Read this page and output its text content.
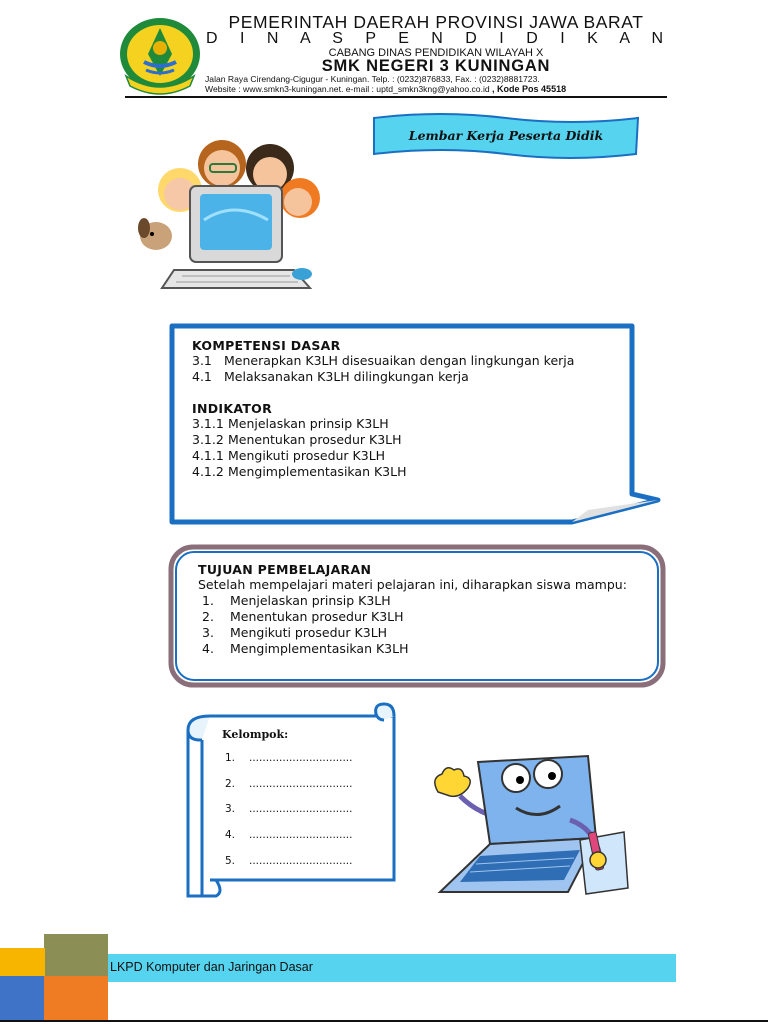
PEMERINTAH DAERAH PROVINSI JAWA BARAT
D I N A S P E N D I D I K A N
CABANG DINAS PENDIDIKAN WILAYAH X
SMK NEGERI 3 KUNINGAN
Jalan Raya Cirendang-Cigugur - Kuningan. Telp. : (0232)876833, Fax. : (0232)8881723.
Website : www.smkn3-kuningan.net. e-mail : uptd_smkn3kng@yahoo.co.id , Kode Pos 45518
Lembar Kerja Peserta Didik
KOMPETENSI DASAR
3.1 Menerapkan K3LH disesuaikan dengan lingkungan kerja
4.1 Melaksanakan K3LH dilingkungan kerja
INDIKATOR
3.1.1 Menjelaskan prinsip K3LH
3.1.2 Menentukan prosedur K3LH
4.1.1 Mengikuti prosedur K3LH
4.1.2 Mengimplementasikan K3LH
TUJUAN PEMBELAJARAN
Setelah mempelajari materi pelajaran ini, diharapkan siswa mampu:
1.	Menjelaskan prinsip K3LH
2.	Menentukan prosedur K3LH
3.	Mengikuti prosedur K3LH
4.	Mengimplementasikan K3LH
Kelompok:
1.	...............................
2.	...............................
3.	...............................
4.	...............................
5.	...............................
LKPD Komputer dan Jaringan Dasar
